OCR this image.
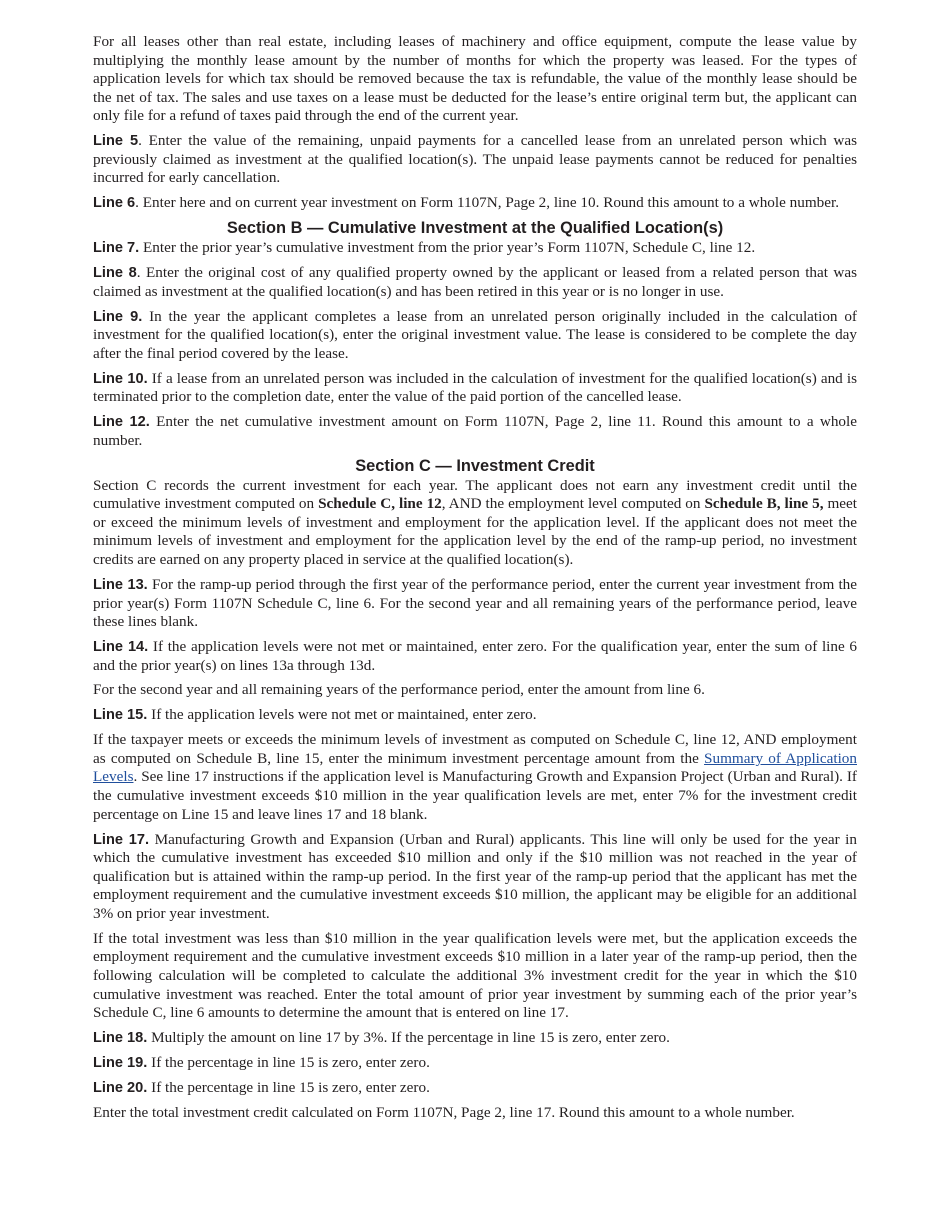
For all leases other than real estate, including leases of machinery and office equipment, compute the lease value by multiplying the monthly lease amount by the number of months for which the property was leased. For the types of application levels for which tax should be removed because the tax is refundable, the value of the monthly lease should be the net of tax. The sales and use taxes on a lease must be deducted for the lease’s entire original term but, the applicant can only file for a refund of taxes paid through the end of the current year.

Line 5. Enter the value of the remaining, unpaid payments for a cancelled lease from an unrelated person which was previously claimed as investment at the qualified location(s). The unpaid lease payments cannot be reduced for penalties incurred for early cancellation.

Line 6. Enter here and on current year investment on Form 1107N, Page 2, line 10. Round this amount to a whole number.

Section B — Cumulative Investment at the Qualified Location(s)

Line 7. Enter the prior year’s cumulative investment from the prior year’s Form 1107N, Schedule C, line 12.

Line 8. Enter the original cost of any qualified property owned by the applicant or leased from a related person that was claimed as investment at the qualified location(s) and has been retired in this year or is no longer in use.

Line 9. In the year the applicant completes a lease from an unrelated person originally included in the calculation of investment for the qualified location(s), enter the original investment value. The lease is considered to be complete the day after the final period covered by the lease.

Line 10. If a lease from an unrelated person was included in the calculation of investment for the qualified location(s) and is terminated prior to the completion date, enter the value of the paid portion of the cancelled lease.

Line 12. Enter the net cumulative investment amount on Form 1107N, Page 2, line 11. Round this amount to a whole number.

Section C — Investment Credit

Section C records the current investment for each year. The applicant does not earn any investment credit until the cumulative investment computed on Schedule C, line 12, AND the employment level computed on Schedule B, line 5, meet or exceed the minimum levels of investment and employment for the application level. If the applicant does not meet the minimum levels of investment and employment for the application level by the end of the ramp-up period, no investment credits are earned on any property placed in service at the qualified location(s).

Line 13. For the ramp-up period through the first year of the performance period, enter the current year investment from the prior year(s) Form 1107N Schedule C, line 6. For the second year and all remaining years of the performance period, leave these lines blank.

Line 14. If the application levels were not met or maintained, enter zero. For the qualification year, enter the sum of line 6 and the prior year(s) on lines 13a through 13d.

For the second year and all remaining years of the performance period, enter the amount from line 6.

Line 15. If the application levels were not met or maintained, enter zero.

If the taxpayer meets or exceeds the minimum levels of investment as computed on Schedule C, line 12, AND employment as computed on Schedule B, line 15, enter the minimum investment percentage amount from the Summary of Application Levels. See line 17 instructions if the application level is Manufacturing Growth and Expansion Project (Urban and Rural). If the cumulative investment exceeds $10 million in the year qualification levels are met, enter 7% for the investment credit percentage on Line 15 and leave lines 17 and 18 blank.

Line 17. Manufacturing Growth and Expansion (Urban and Rural) applicants. This line will only be used for the year in which the cumulative investment has exceeded $10 million and only if the $10 million was not reached in the year of qualification but is attained within the ramp-up period. In the first year of the ramp-up period that the applicant has met the employment requirement and the cumulative investment exceeds $10 million, the applicant may be eligible for an additional 3% on prior year investment.

If the total investment was less than $10 million in the year qualification levels were met, but the application exceeds the employment requirement and the cumulative investment exceeds $10 million in a later year of the ramp-up period, then the following calculation will be completed to calculate the additional 3% investment credit for the year in which the $10 cumulative investment was reached. Enter the total amount of prior year investment by summing each of the prior year’s Schedule C, line 6 amounts to determine the amount that is entered on line 17.

Line 18. Multiply the amount on line 17 by 3%. If the percentage in line 15 is zero, enter zero.

Line 19. If the percentage in line 15 is zero, enter zero.

Line 20. If the percentage in line 15 is zero, enter zero.

Enter the total investment credit calculated on Form 1107N, Page 2, line 17. Round this amount to a whole number.
